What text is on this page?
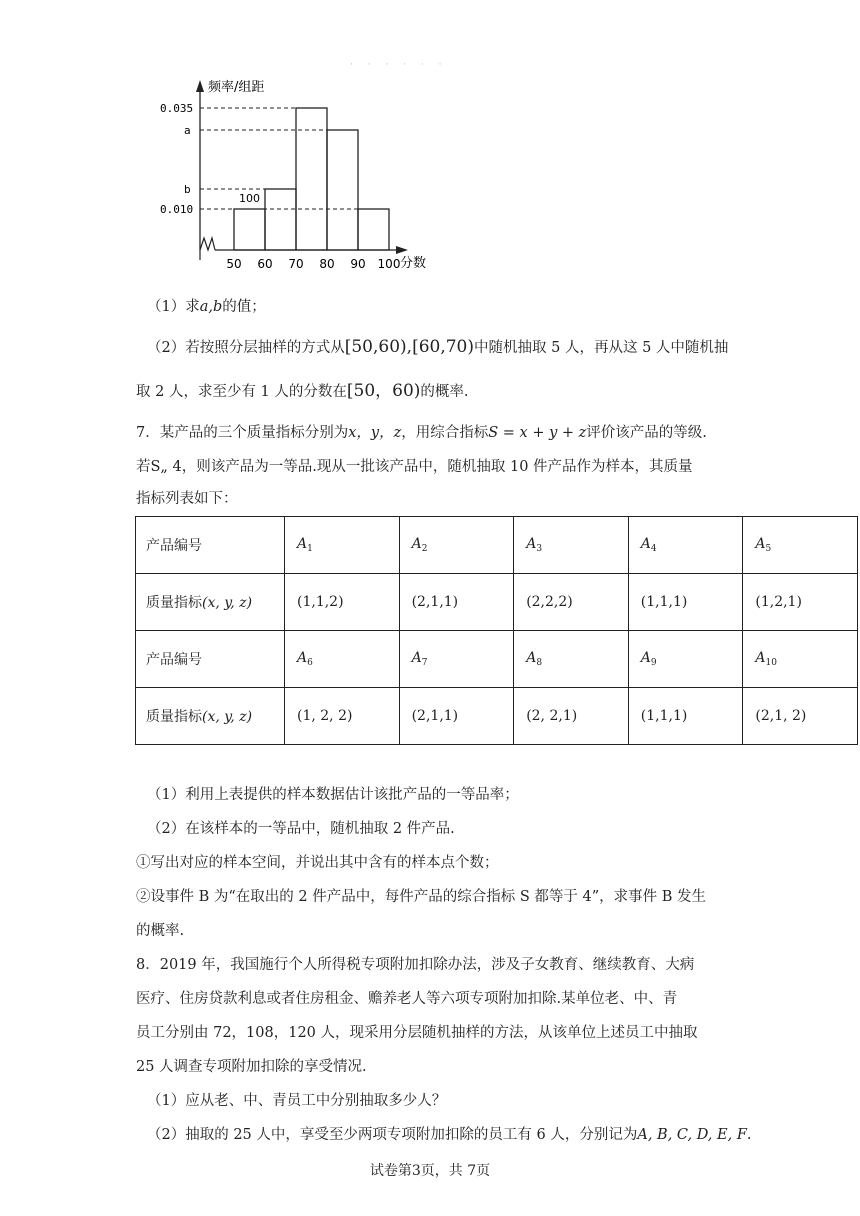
· · · · · ·
0.035
a
b
0.010
50 60 70 80 90 100
频率/组距
分数
100
（1）求a,b的值；
（2）若按照分层抽样的方式从[50,60),[60,70)中随机抽取 5 人，再从这 5 人中随机抽
取 2 人，求至少有 1 人的分数在[50，60)的概率.
7．某产品的三个质量指标分别为x，y，z，用综合指标S = x + y + z评价该产品的等级.
若S„ 4，则该产品为一等品.现从一批该产品中，随机抽取 10 件产品作为样本，其质量
指标列表如下：
产品编号	$A_1$	$A_2$	$A_3$	$A_4$	$A_5$
质量指标(x, y, z)	(1,1,2)	(2,1,1)	(2,2,2)	(1,1,1)	(1,2,1)
产品编号	$A_6$	$A_7$	$A_8$	$A_9$	$A_{10}$
质量指标(x, y, z)	(1, 2, 2)	(2,1,1)	(2, 2,1)	(1,1,1)	(2,1, 2)
（1）利用上表提供的样本数据估计该批产品的一等品率；
（2）在该样本的一等品中，随机抽取 2 件产品.
①写出对应的样本空间，并说出其中含有的样本点个数；
②设事件 B 为“在取出的 2 件产品中，每件产品的综合指标 S 都等于 4”，求事件 B 发生
的概率.
8．2019 年，我国施行个人所得税专项附加扣除办法，涉及子女教育、继续教育、大病
医疗、住房贷款利息或者住房租金、赡养老人等六项专项附加扣除.某单位老、中、青
员工分别由 72，108，120 人，现采用分层随机抽样的方法，从该单位上述员工中抽取
25 人调查专项附加扣除的享受情况.
（1）应从老、中、青员工中分别抽取多少人？
（2）抽取的 25 人中，享受至少两项专项附加扣除的员工有 6 人，分别记为A, B, C, D, E, F.
试卷第3页，共 7页
